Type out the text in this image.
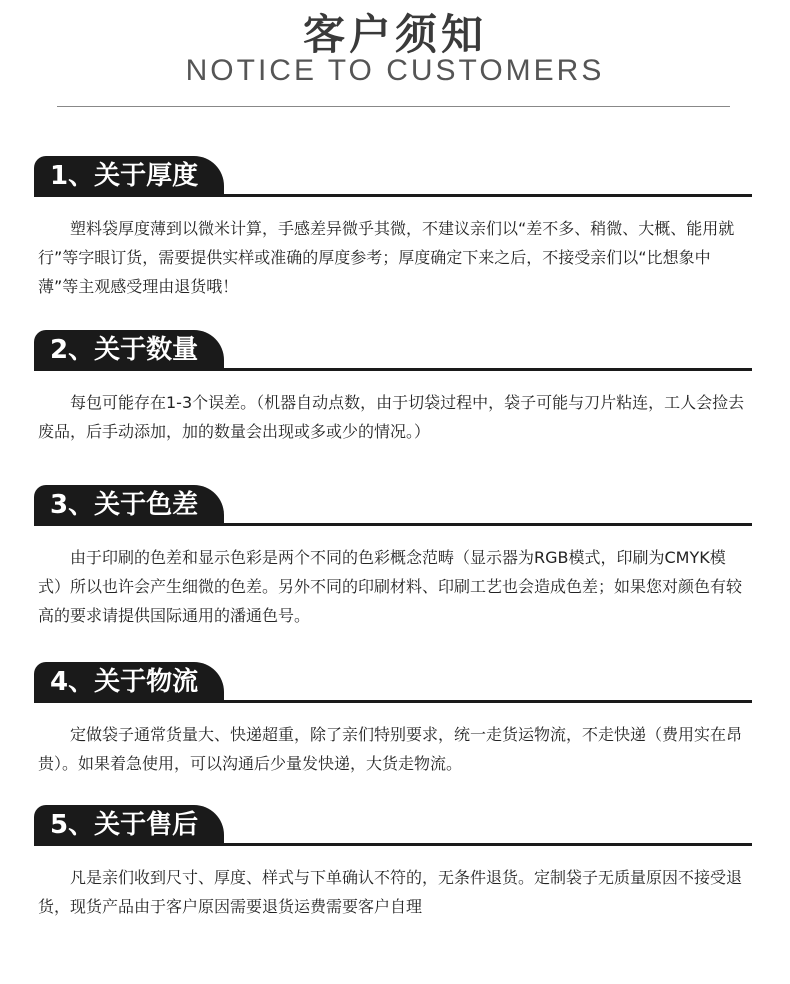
客户须知
NOTICE TO CUSTOMERS
1、关于厚度
塑料袋厚度薄到以微米计算，手感差异微乎其微，不建议亲们以“差不多、稍微、大概、能用就行”等字眼订货，需要提供实样或准确的厚度参考；厚度确定下来之后，不接受亲们以“比想象中薄”等主观感受理由退货哦！
2、关于数量
每包可能存在1-3个误差。（机器自动点数，由于切袋过程中，袋子可能与刀片粘连，工人会捡去废品，后手动添加，加的数量会出现或多或少的情况。）
3、关于色差
由于印刷的色差和显示色彩是两个不同的色彩概念范畴（显示器为RGB模式，印刷为CMYK模式）所以也许会产生细微的色差。另外不同的印刷材料、印刷工艺也会造成色差；如果您对颜色有较高的要求请提供国际通用的潘通色号。
4、关于物流
定做袋子通常货量大、快递超重，除了亲们特别要求，统一走货运物流，不走快递（费用实在昂贵）。如果着急使用，可以沟通后少量发快递，大货走物流。
5、关于售后
凡是亲们收到尺寸、厚度、样式与下单确认不符的，无条件退货。定制袋子无质量原因不接受退货，现货产品由于客户原因需要退货运费需要客户自理
